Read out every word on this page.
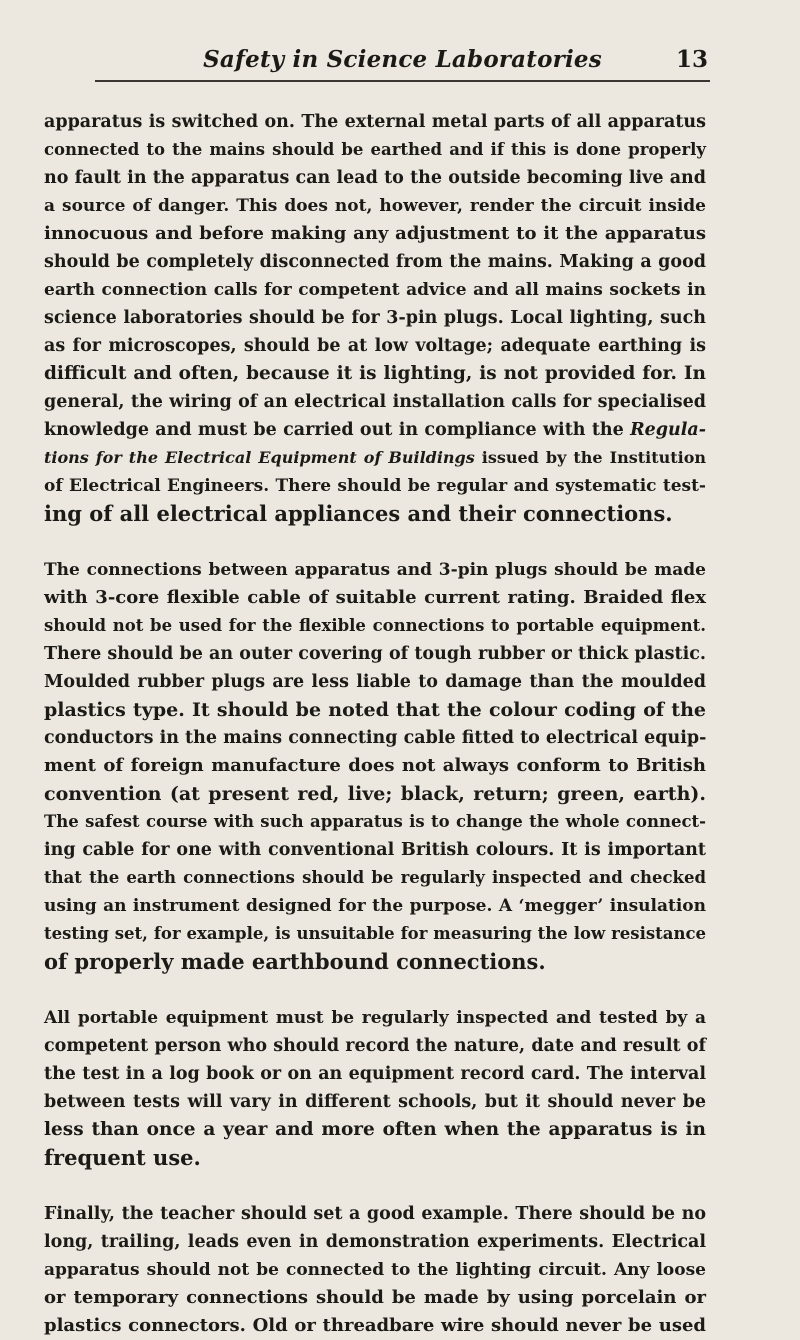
Safety in Science Laboratories	13

apparatus is switched on. The external metal parts of all apparatus
connected to the mains should be earthed and if this is done properly
no fault in the apparatus can lead to the outside becoming live and
a source of danger. This does not, however, render the circuit inside
innocuous and before making any adjustment to it the apparatus
should be completely disconnected from the mains. Making a good
earth connection calls for competent advice and all mains sockets in
science laboratories should be for 3-pin plugs. Local lighting, such
as for microscopes, should be at low voltage; adequate earthing is
difficult and often, because it is lighting, is not provided for. In
general, the wiring of an electrical installation calls for specialised
knowledge and must be carried out in compliance with the Regula-
tions for the Electrical Equipment of Buildings issued by the Institution
of Electrical Engineers. There should be regular and systematic test-
ing of all electrical appliances and their connections.

The connections between apparatus and 3-pin plugs should be made
with 3-core flexible cable of suitable current rating. Braided flex
should not be used for the flexible connections to portable equipment.
There should be an outer covering of tough rubber or thick plastic.
Moulded rubber plugs are less liable to damage than the moulded
plastics type. It should be noted that the colour coding of the
conductors in the mains connecting cable fitted to electrical equip-
ment of foreign manufacture does not always conform to British
convention (at present red, live; black, return; green, earth).
The safest course with such apparatus is to change the whole connect-
ing cable for one with conventional British colours. It is important
that the earth connections should be regularly inspected and checked
using an instrument designed for the purpose. A ‘megger’ insulation
testing set, for example, is unsuitable for measuring the low resistance
of properly made earthbound connections.

All portable equipment must be regularly inspected and tested by a
competent person who should record the nature, date and result of
the test in a log book or on an equipment record card. The interval
between tests will vary in different schools, but it should never be
less than once a year and more often when the apparatus is in
frequent use.

Finally, the teacher should set a good example. There should be no
long, trailing, leads even in demonstration experiments. Electrical
apparatus should not be connected to the lighting circuit. Any loose
or temporary connections should be made by using porcelain or
plastics connectors. Old or threadbare wire should never be used
